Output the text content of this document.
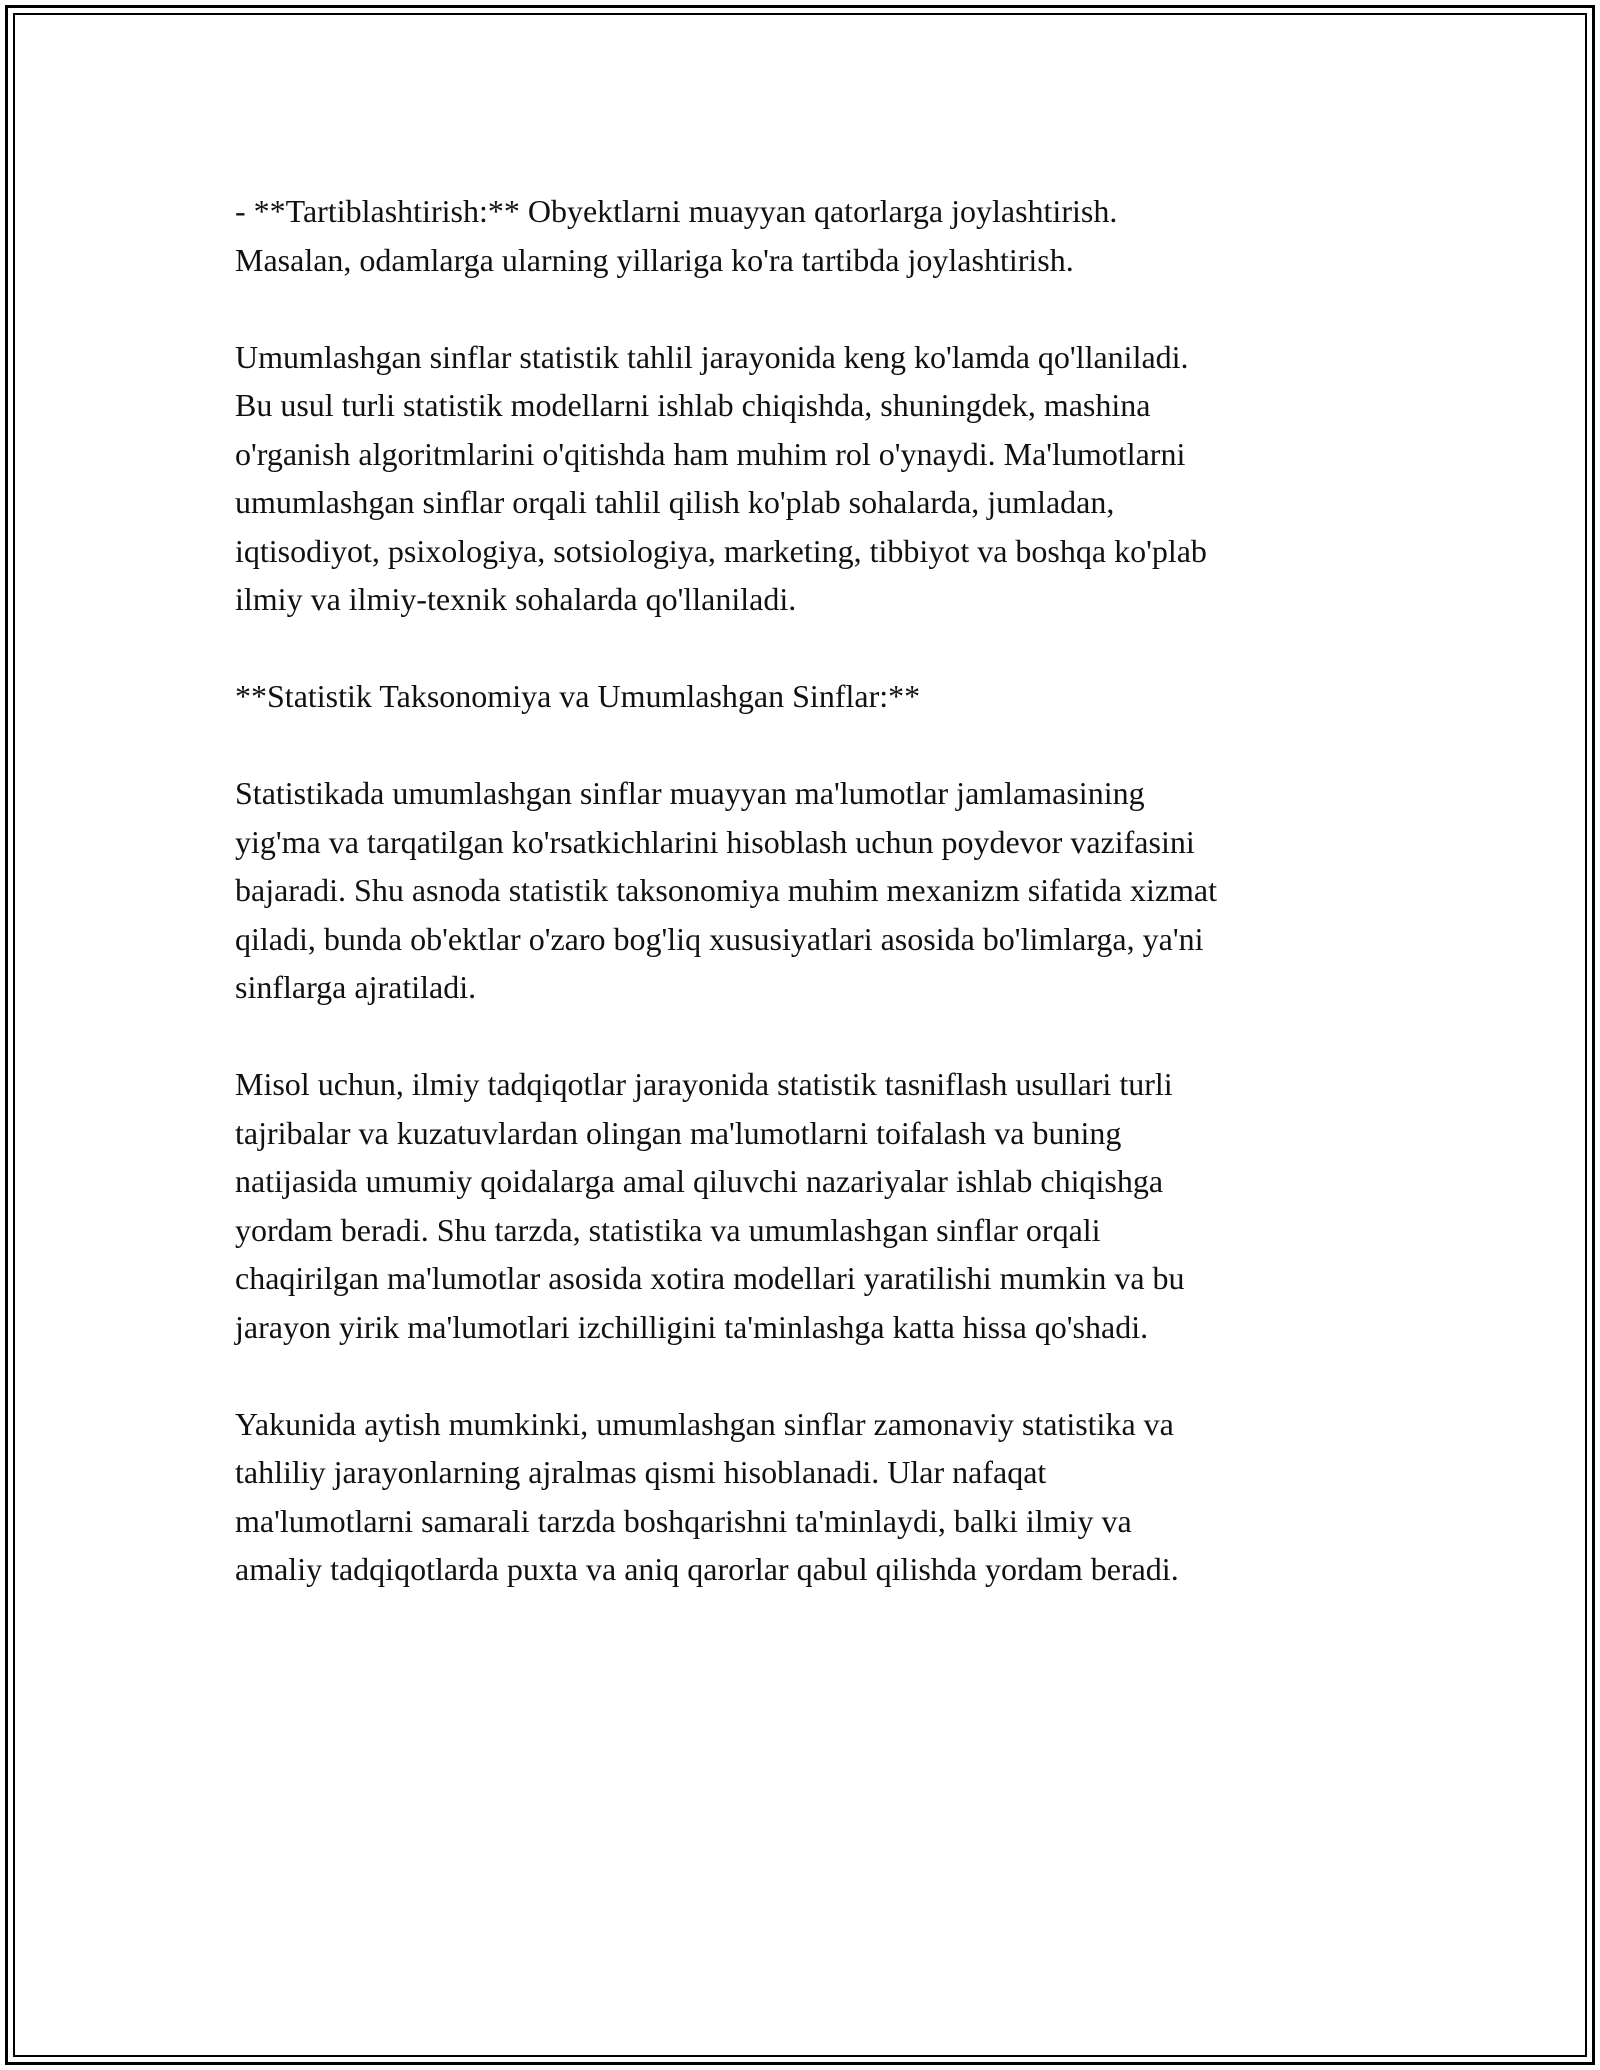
- **Tartiblashtirish:** Obyektlarni muayyan qatorlarga joylashtirish.
Masalan, odamlarga ularning yillariga ko'ra tartibda joylashtirish.

Umumlashgan sinflar statistik tahlil jarayonida keng ko'lamda qo'llaniladi.
Bu usul turli statistik modellarni ishlab chiqishda, shuningdek, mashina
o'rganish algoritmlarini o'qitishda ham muhim rol o'ynaydi. Ma'lumotlarni
umumlashgan sinflar orqali tahlil qilish ko'plab sohalarda, jumladan,
iqtisodiyot, psixologiya, sotsiologiya, marketing, tibbiyot va boshqa ko'plab
ilmiy va ilmiy-texnik sohalarda qo'llaniladi.

**Statistik Taksonomiya va Umumlashgan Sinflar:**

Statistikada umumlashgan sinflar muayyan ma'lumotlar jamlamasining
yig'ma va tarqatilgan ko'rsatkichlarini hisoblash uchun poydevor vazifasini
bajaradi. Shu asnoda statistik taksonomiya muhim mexanizm sifatida xizmat
qiladi, bunda ob'ektlar o'zaro bog'liq xususiyatlari asosida bo'limlarga, ya'ni
sinflarga ajratiladi.

Misol uchun, ilmiy tadqiqotlar jarayonida statistik tasniflash usullari turli
tajribalar va kuzatuvlardan olingan ma'lumotlarni toifalash va buning
natijasida umumiy qoidalarga amal qiluvchi nazariyalar ishlab chiqishga
yordam beradi. Shu tarzda, statistika va umumlashgan sinflar orqali
chaqirilgan ma'lumotlar asosida xotira modellari yaratilishi mumkin va bu
jarayon yirik ma'lumotlari izchilligini ta'minlashga katta hissa qo'shadi.

Yakunida aytish mumkinki, umumlashgan sinflar zamonaviy statistika va
tahliliy jarayonlarning ajralmas qismi hisoblanadi. Ular nafaqat
ma'lumotlarni samarali tarzda boshqarishni ta'minlaydi, balki ilmiy va
amaliy tadqiqotlarda puxta va aniq qarorlar qabul qilishda yordam beradi.
